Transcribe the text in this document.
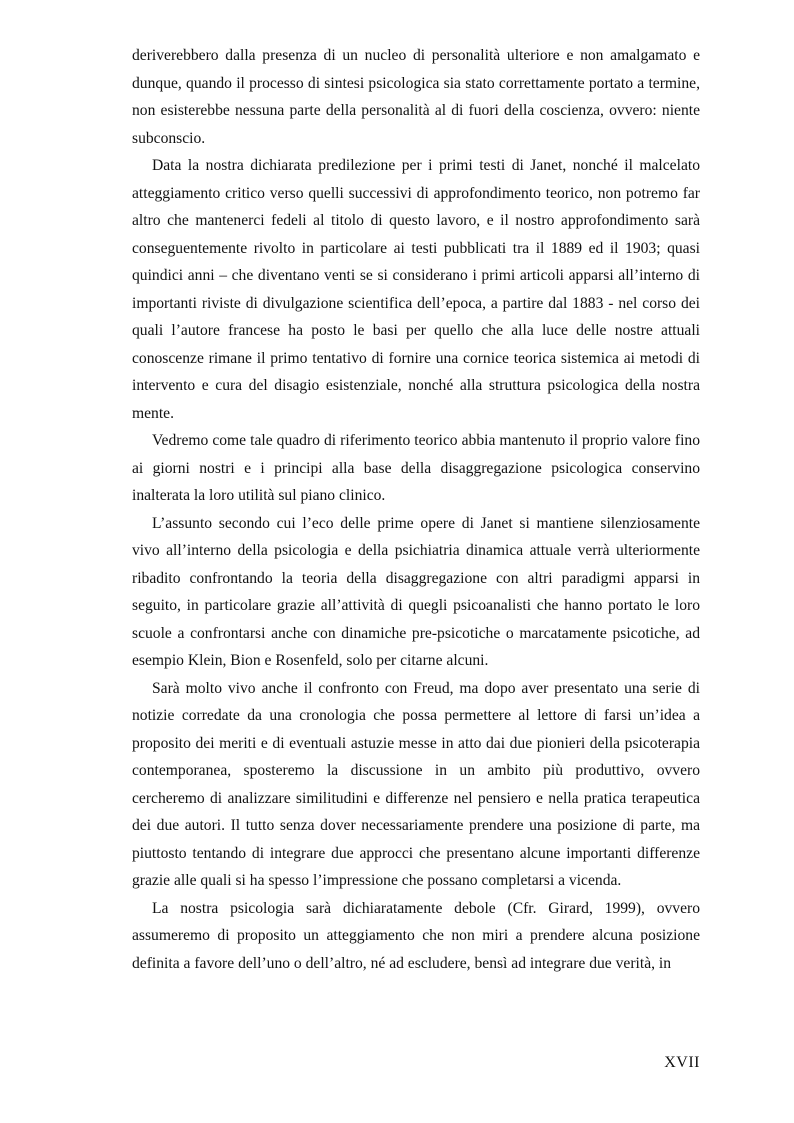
deriverebbero dalla presenza di un nucleo di personalità ulteriore e non amalgamato e dunque, quando il processo di sintesi psicologica sia stato correttamente portato a termine, non esisterebbe nessuna parte della personalità al di fuori della coscienza, ovvero: niente subconscio.

Data la nostra dichiarata predilezione per i primi testi di Janet, nonché il malcelato atteggiamento critico verso quelli successivi di approfondimento teorico, non potremo far altro che mantenerci fedeli al titolo di questo lavoro, e il nostro approfondimento sarà conseguentemente rivolto in particolare ai testi pubblicati tra il 1889 ed il 1903; quasi quindici anni – che diventano venti se si considerano i primi articoli apparsi all’interno di importanti riviste di divulgazione scientifica dell’epoca, a partire dal 1883 - nel corso dei quali l’autore francese ha posto le basi per quello che alla luce delle nostre attuali conoscenze rimane il primo tentativo di fornire una cornice teorica sistemica ai metodi di intervento e cura del disagio esistenziale, nonché alla struttura psicologica della nostra mente.

Vedremo come tale quadro di riferimento teorico abbia mantenuto il proprio valore fino ai giorni nostri e i principi alla base della disaggregazione psicologica conservino inalterata la loro utilità sul piano clinico.

L’assunto secondo cui l’eco delle prime opere di Janet si mantiene silenziosamente vivo all’interno della psicologia e della psichiatria dinamica attuale verrà ulteriormente ribadito confrontando la teoria della disaggregazione con altri paradigmi apparsi in seguito, in particolare grazie all’attività di quegli psicoanalisti che hanno portato le loro scuole a confrontarsi anche con dinamiche pre-psicotiche o marcatamente psicotiche, ad esempio Klein, Bion e Rosenfeld, solo per citarne alcuni.

Sarà molto vivo anche il confronto con Freud, ma dopo aver presentato una serie di notizie corredate da una cronologia che possa permettere al lettore di farsi un’idea a proposito dei meriti e di eventuali astuzie messe in atto dai due pionieri della psicoterapia contemporanea, sposteremo la discussione in un ambito più produttivo, ovvero cercheremo di analizzare similitudini e differenze nel pensiero e nella pratica terapeutica dei due autori. Il tutto senza dover necessariamente prendere una posizione di parte, ma piuttosto tentando di integrare due approcci che presentano alcune importanti differenze grazie alle quali si ha spesso l’impressione che possano completarsi a vicenda.

La nostra psicologia sarà dichiaratamente debole (Cfr. Girard, 1999), ovvero assumeremo di proposito un atteggiamento che non miri a prendere alcuna posizione definita a favore dell’uno o dell’altro, né ad escludere, bensì ad integrare due verità, in

XVII
